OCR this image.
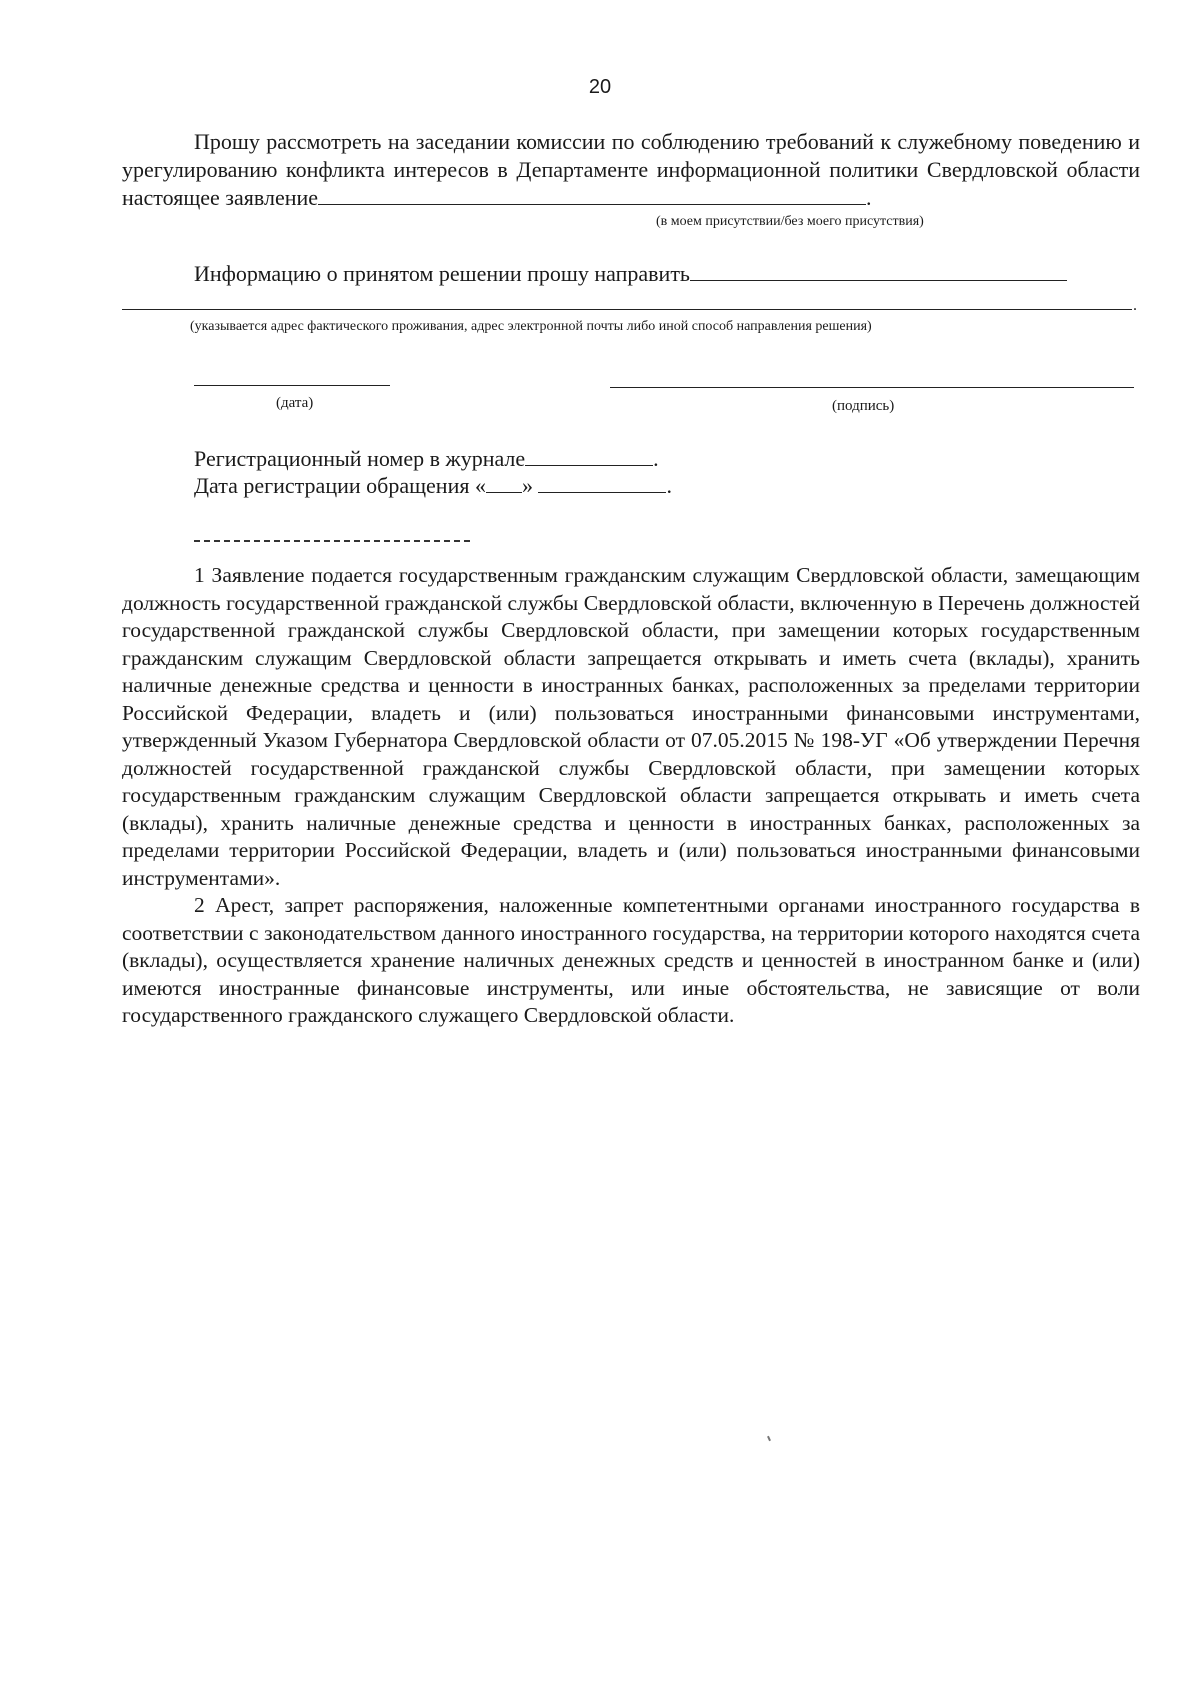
20
Прошу рассмотреть на заседании комиссии по соблюдению требований к служебному поведению и урегулированию конфликта интересов в Департаменте информационной политики Свердловской области настоящее заявление	.
(в моем присутствии/без моего присутствия)
Информацию о принятом решении прошу направить
.
(указывается адрес фактического проживания, адрес электронной почты либо иной способ направления решения)
(дата)	(подпись)
Регистрационный номер в журнале	.
Дата регистрации обращения « »	.

1 Заявление подается государственным гражданским служащим Свердловской области, замещающим должность государственной гражданской службы Свердловской области, включенную в Перечень должностей государственной гражданской службы Свердловской области, при замещении которых государственным гражданским служащим Свердловской области запрещается открывать и иметь счета (вклады), хранить наличные денежные средства и ценности в иностранных банках, расположенных за пределами территории Российской Федерации, владеть и (или) пользоваться иностранными финансовыми инструментами, утвержденный Указом Губернатора Свердловской области от 07.05.2015 № 198-УГ «Об утверждении Перечня должностей государственной гражданской службы Свердловской области, при замещении которых государственным гражданским служащим Свердловской области запрещается открывать и иметь счета (вклады), хранить наличные денежные средства и ценности в иностранных банках, расположенных за пределами территории Российской Федерации, владеть и (или) пользоваться иностранными финансовыми инструментами».

2 Арест, запрет распоряжения, наложенные компетентными органами иностранного государства в соответствии с законодательством данного иностранного государства, на территории которого находятся счета (вклады), осуществляется хранение наличных денежных средств и ценностей в иностранном банке и (или) имеются иностранные финансовые инструменты, или иные обстоятельства, не зависящие от воли государственного гражданского служащего Свердловской области.
